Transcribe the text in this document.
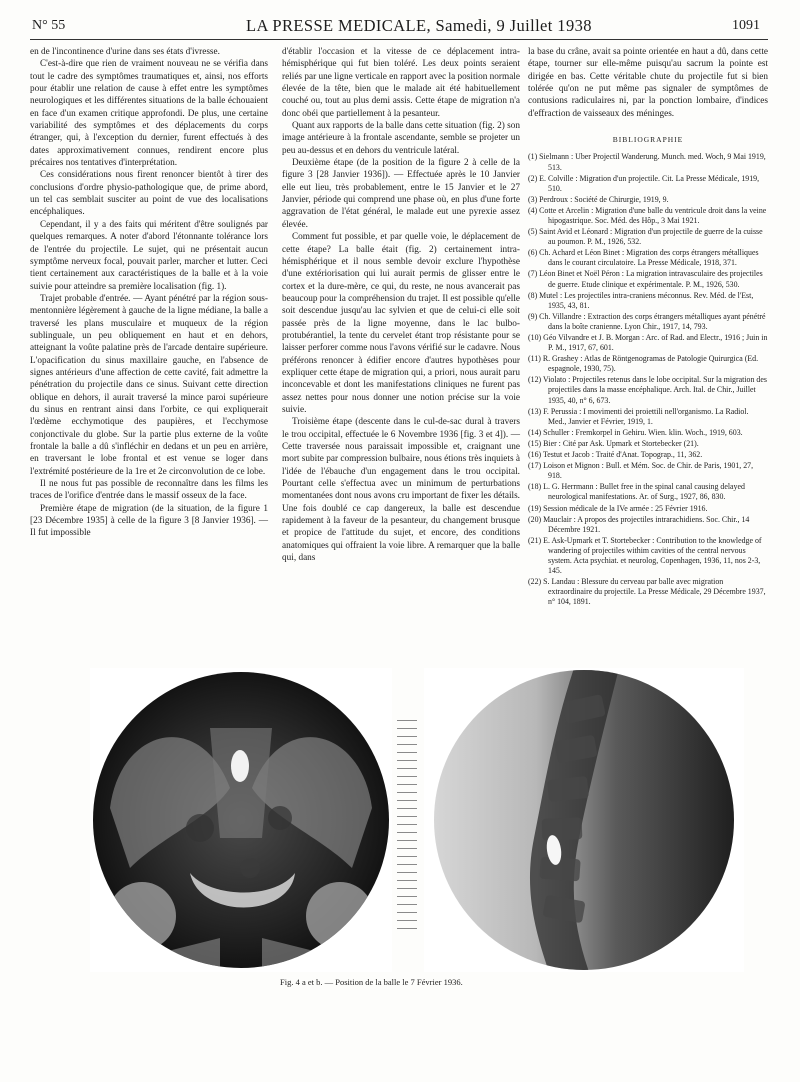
N° 55	LA PRESSE MEDICALE, Samedi, 9 Juillet 1938	1091

en de l'incontinence d'urine dans ses états d'ivresse.

C'est-à-dire que rien de vraiment nouveau ne se vérifia dans tout le cadre des symptômes traumatiques et, ainsi, nos efforts pour établir une relation de cause à effet entre les symptômes neurologiques et les différentes situations de la balle échouaient en face d'un examen critique approfondi. De plus, une certaine variabilité des symptômes et des déplacements du corps étranger, qui, à l'exception du dernier, furent effectués à des dates approximativement connues, rendirent encore plus précaires nos tentatives d'interprétation.

Ces considérations nous firent renoncer bientôt à tirer des conclusions d'ordre physio-pathologique que, de prime abord, un tel cas semblait susciter au point de vue des localisations encéphaliques.

Cependant, il y a des faits qui méritent d'être soulignés par quelques remarques. A noter d'abord l'étonnante tolérance lors de l'entrée du projectile. Le sujet, qui ne présentait aucun symptôme nerveux focal, pouvait parler, marcher et lutter. Ceci tient certainement aux caractéristiques de la balle et à la voie suivie pour atteindre sa première localisation (fig. 1).

Trajet probable d'entrée. — Ayant pénétré par la région sous-mentonnière légèrement à gauche de la ligne médiane, la balle a traversé les plans musculaire et muqueux de la région sublinguale, un peu obliquement en haut et en dehors, atteignant la voûte palatine près de l'arcade dentaire supérieure. L'opacification du sinus maxillaire gauche, en l'absence de signes antérieurs d'une affection de cette cavité, fait admettre la pénétration du projectile dans ce sinus. Suivant cette direction oblique en dehors, il aurait traversé la mince paroi supérieure du sinus en rentrant ainsi dans l'orbite, ce qui expliquerait l'œdème ecchymotique des paupières, et l'ecchymose conjonctivale du globe. Sur la partie plus externe de la voûte frontale la balle a dû s'infléchir en dedans et un peu en arrière, en traversant le lobe frontal et est venue se loger dans l'extrémité postérieure de la 1re et 2e circonvolution de ce lobe.

Il ne nous fut pas possible de reconnaître dans les films les traces de l'orifice d'entrée dans le massif osseux de la face.

Première étape de migration (de la situation, de la figure 1 [23 Décembre 1935] à celle de la figure 3 [8 Janvier 1936]. — Il fut impossible

d'établir l'occasion et la vitesse de ce déplacement intra-hémisphérique qui fut bien toléré. Les deux points seraient reliés par une ligne verticale en rapport avec la position normale élevée de la tête, bien que le malade ait été habituellement couché ou, tout au plus demi assis. Cette étape de migration n'a donc obéi que partiellement à la pesanteur.

Quant aux rapports de la balle dans cette situation (fig. 2) son image antérieure à la frontale ascendante, semble se projeter un peu au-dessus et en dehors du ventricule latéral.

Deuxième étape (de la position de la figure 2 à celle de la figure 3 [28 Janvier 1936]). — Effectuée après le 10 Janvier elle eut lieu, très probablement, entre le 15 Janvier et le 27 Janvier, période qui comprend une phase où, en plus d'une forte aggravation de l'état général, le malade eut une pyrexie assez élevée.

Comment fut possible, et par quelle voie, le déplacement de cette étape? La balle était (fig. 2) certainement intra-hémisphérique et il nous semble devoir exclure l'hypothèse d'une extériorisation qui lui aurait permis de glisser entre le cortex et la dure-mère, ce qui, du reste, ne nous avancerait pas beaucoup pour la compréhension du trajet. Il est possible qu'elle soit descendue jusqu'au lac sylvien et que de celui-ci elle soit passée près de la ligne moyenne, dans le lac bulbo-protubérantiel, la tente du cervelet étant trop résistante pour se laisser perforer comme nous l'avons vérifié sur le cadavre. Nous préférons renoncer à édifier encore d'autres hypothèses pour expliquer cette étape de migration qui, a priori, nous aurait paru inconcevable et dont les manifestations cliniques ne furent pas assez nettes pour nous donner une notion précise sur la voie suivie.

Troisième étape (descente dans le cul-de-sac dural à travers le trou occipital, effectuée le 6 Novembre 1936 [fig. 3 et 4]). — Cette traversée nous paraissait impossible et, craignant une mort subite par compression bulbaire, nous étions très inquiets à l'idée de l'ébauche d'un engagement dans le trou occipital. Pourtant celle s'effectua avec un minimum de perturbations momentanées dont nous avons cru important de fixer les détails. Une fois doublé ce cap dangereux, la balle est descendue rapidement à la faveur de la pesanteur, du changement brusque et propice de l'attitude du sujet, et encore, des conditions anatomiques qui offraient la voie libre. A remarquer que la balle qui, dans

la base du crâne, avait sa pointe orientée en haut a dû, dans cette étape, tourner sur elle-même puisqu'au sacrum la pointe est dirigée en bas. Cette véritable chute du projectile fut si bien tolérée qu'on ne put même pas signaler de symptômes de contusions radiculaires ni, par la ponction lombaire, d'indices d'effraction de vaisseaux des méninges.

BIBLIOGRAPHIE
(1) Sielmann : Uber Projectil Wanderung. Munch. med. Woch, 9 Mai 1919, 513.
(2) E. Colville : Migration d'un projectile. Cit. La Presse Médicale, 1919, 510.
(3) Perdroux : Société de Chirurgie, 1919, 9.
(4) Cotte et Arcelin : Migration d'une balle du ventricule droit dans la veine hipogastrique. Soc. Méd. des Hôp., 3 Mai 1921.
(5) Saint Avid et Léonard : Migration d'un projectile de guerre de la cuisse au poumon. P. M., 1926, 532.
(6) Ch. Achard et Léon Binet : Migration des corps étrangers métalliques dans le courant circulatoire. La Presse Médicale, 1918, 371.
(7) Léon Binet et Noël Péron : La migration intravasculaire des projectiles de guerre. Etude clinique et expérimentale. P. M., 1926, 530.
(8) Mutel : Les projectiles intra-craniens méconnus. Rev. Méd. de l'Est, 1935, 43, 81.
(9) Ch. Villandre : Extraction des corps étrangers métalliques ayant pénétré dans la boîte cranienne. Lyon Chir., 1917, 14, 793.
(10) Géo Vilvandre et J. B. Morgan : Arc. of Rad. and Electr., 1916 ; Juin in P. M., 1917, 67, 601.
(11) R. Grashey : Atlas de Röntgenogramas de Patologie Quirurgica (Ed. espagnole, 1930, 75).
(12) Violato : Projectiles retenus dans le lobe occipital. Sur la migration des projectiles dans la masse encéphalique. Arch. Ital. de Chir., Juillet 1935, 40, n° 6, 673.
(13) F. Perussia : I movimenti dei proiettili nell'organismo. La Radiol. Med., Janvier et Février, 1919, 1.
(14) Schuller : Fremkorpel in Gehiru. Wien. klin. Woch., 1919, 603.
(15) Bier : Cité par Ask. Upmark et Stortebecker (21).
(16) Testut et Jacob : Traité d'Anat. Topograp., 11, 362.
(17) Loison et Mignon : Bull. et Mém. Soc. de Chir. de Paris, 1901, 27, 918.
(18) L. G. Herrmann : Bullet free in the spinal canal causing delayed neurological manifestations. Ar. of Surg., 1927, 86, 830.
(19) Session médicale de la IVe armée : 25 Février 1916.
(20) Mauclair : A propos des projectiles intrarachidiens. Soc. Chir., 14 Décembre 1921.
(21) E. Ask-Upmark et T. Stortebecker : Contribution to the knowledge of wandering of projectiles withim cavities of the central nervous system. Acta psychiat. et neurolog, Copenhagen, 1936, 11, nos 2-3, 145.
(22) S. Landau : Blessure du cerveau par balle avec migration extraordinaire du projectile. La Presse Médicale, 29 Décembre 1937, n° 104, 1891.
Fig. 4 a et b. — Position de la balle le 7 Février 1936.
